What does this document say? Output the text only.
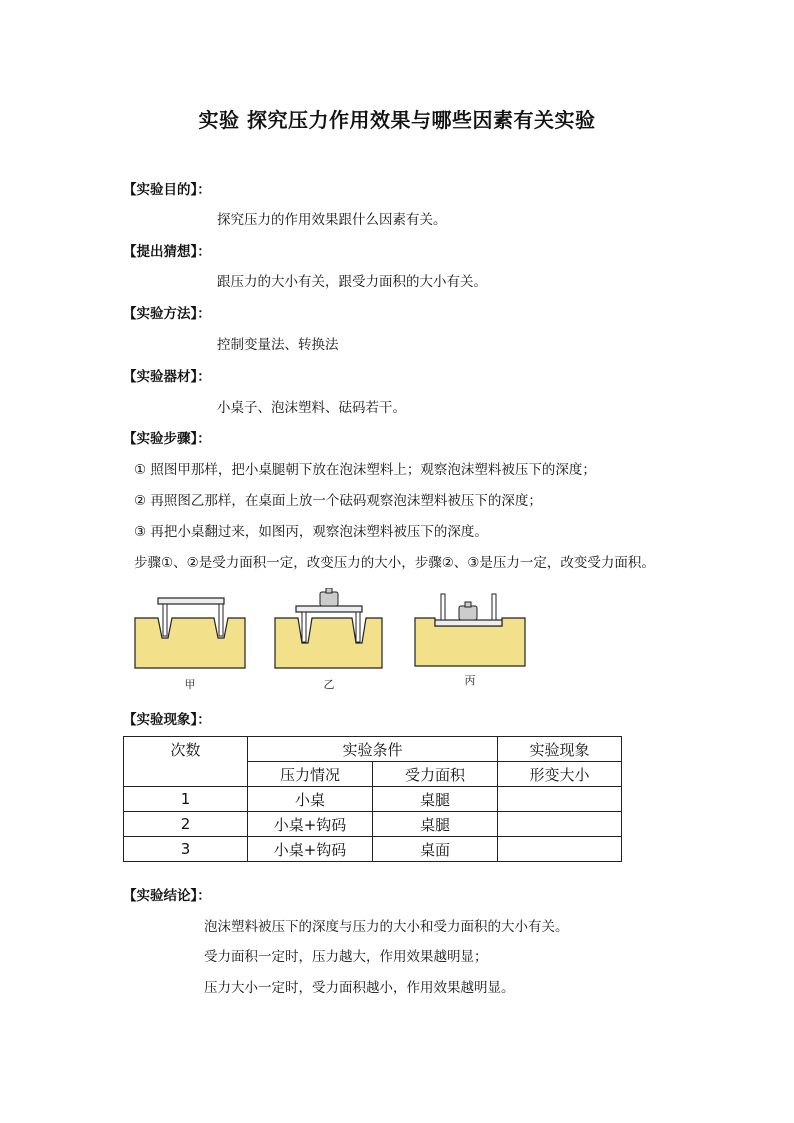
实验 探究压力作用效果与哪些因素有关实验
【实验目的】：
探究压力的作用效果跟什么因素有关。
【提出猜想】：
跟压力的大小有关，跟受力面积的大小有关。
【实验方法】：
控制变量法、转换法
【实验器材】：
小桌子、泡沫塑料、砝码若干。
【实验步骤】：
① 照图甲那样，把小桌腿朝下放在泡沫塑料上；观察泡沫塑料被压下的深度；
② 再照图乙那样，在桌面上放一个砝码观察泡沫塑料被压下的深度；
③ 再把小桌翻过来，如图丙，观察泡沫塑料被压下的深度。
步骤①、②是受力面积一定，改变压力的大小，步骤②、③是压力一定，改变受力面积。
甲	乙	丙
【实验现象】：
次数	实验条件		实验现象
	压力情况	受力面积	形变大小
1	小桌	桌腿	
2	小桌+钩码	桌腿	
3	小桌+钩码	桌面	
【实验结论】：
泡沫塑料被压下的深度与压力的大小和受力面积的大小有关。
受力面积一定时，压力越大，作用效果越明显；
压力大小一定时，受力面积越小，作用效果越明显。
